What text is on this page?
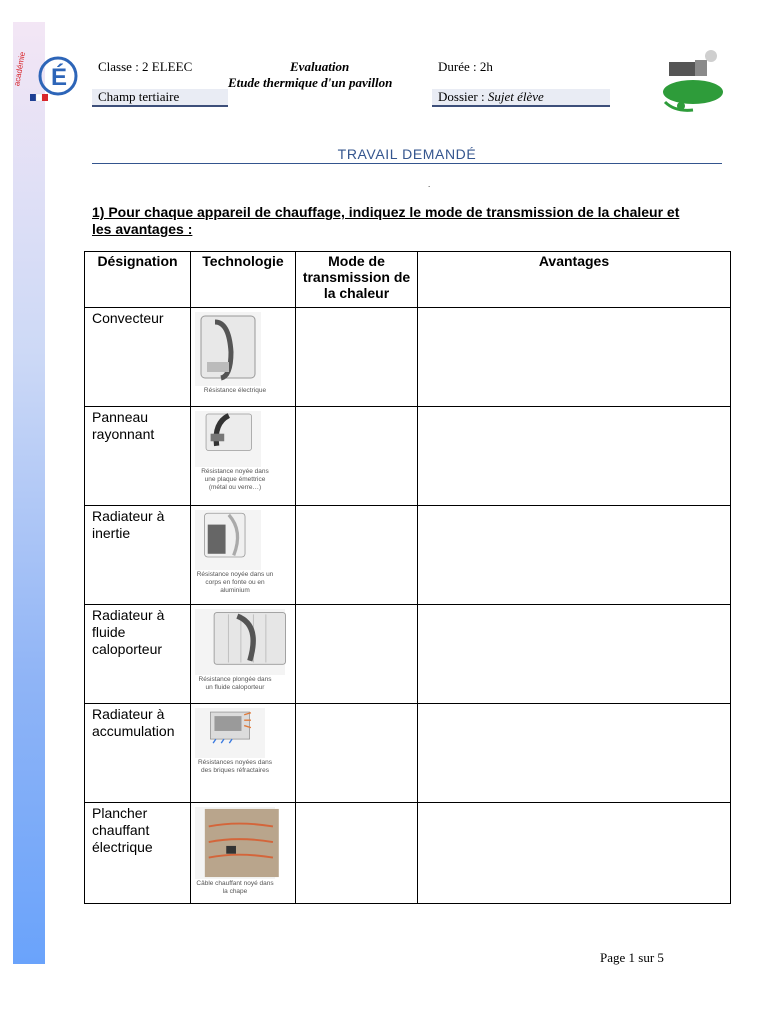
É
académie	Classe : 2 ELEEC	Evaluation
Etude thermique d'un pavillon
Durée : 2h
Champ tertiaire	Dossier : Sujet élève
TRAVAIL DEMANDÉ
.
1) Pour chaque appareil de chauffage, indiquez le mode de transmission de la chaleur et les avantages :
Désignation	Technologie	Mode de transmission de la chaleur	Avantages
Convecteur	Résistance électrique		

Panneau rayonnant	Résistance noyée dans une plaque émettrice (métal ou verre…)		

Radiateur à inertie	Résistance noyée dans un corps en fonte ou en aluminium		

Radiateur à fluide caloporteur	Résistance plongée dans un fluide caloporteur		

Radiateur à accumulation	Résistances noyées dans des briques réfractaires		

Plancher chauffant électrique	Câble chauffant noyé dans la chape		

Page 1 sur 5
